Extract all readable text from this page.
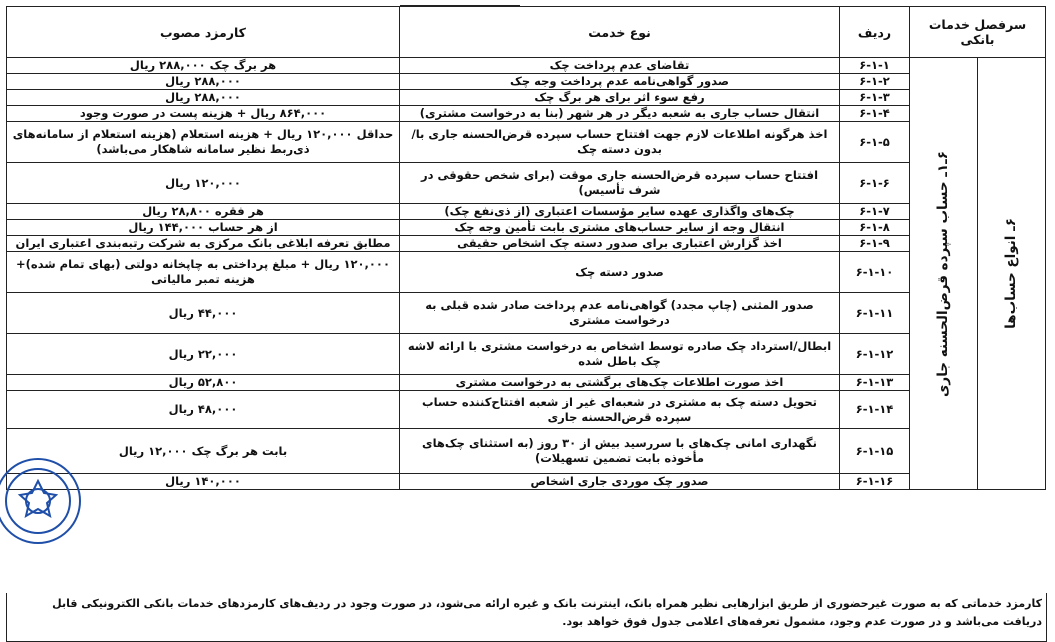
سرفصل خدمات بانکی		ردیف	نوع خدمت	کارمزد مصوب

۶ـ انواع حساب‌ها	۶ـ۱ـ حساب سپرده قرض‌الحسنه جاری	۶-۱-۱	تقاضای عدم پرداخت چک	هر برگ چک ۲۸۸,۰۰۰ ریال
		۶-۱-۲	صدور گواهی‌نامه عدم پرداخت وجه چک	۲۸۸,۰۰۰ ریال
		۶-۱-۳	رفع سوء اثر برای هر برگ چک	۲۸۸,۰۰۰ ریال
		۶-۱-۴	انتقال حساب جاری به شعبه دیگر در هر شهر (بنا به درخواست مشتری)	۸۶۴,۰۰۰ ریال + هزینه پست در صورت وجود
		۶-۱-۵	اخذ هرگونه اطلاعات لازم جهت افتتاح حساب سپرده قرض‌الحسنه جاری با/بدون دسته چک	حداقل ۱۲۰,۰۰۰ ریال + هزینه استعلام (هزینه استعلام از سامانه‌های ذی‌ربط نظیر سامانه شاهکار می‌باشد)
		۶-۱-۶	افتتاح حساب سپرده قرض‌الحسنه جاری موقت (برای شخص حقوقی در شرف تأسیس)	۱۲۰,۰۰۰ ریال
		۶-۱-۷	چک‌های واگذاری عهده سایر مؤسسات اعتباری (از ذی‌نفع چک)	هر فقره ۲۸,۸۰۰ ریال
		۶-۱-۸	انتقال وجه از سایر حساب‌های مشتری بابت تأمین وجه چک	از هر حساب ۱۴۴,۰۰۰ ریال
		۶-۱-۹	اخذ گزارش اعتباری برای صدور دسته چک اشخاص حقیقی	مطابق تعرفه ابلاغی بانک مرکزی به شرکت رتبه‌بندی اعتباری ایران
		۶-۱-۱۰	صدور دسته چک	۱۲۰,۰۰۰ ریال + مبلغ پرداختی به چاپخانه دولتی (بهای تمام شده)+ هزینه تمبر مالیاتی
		۶-۱-۱۱	صدور المثنی (چاپ مجدد) گواهی‌نامه عدم پرداخت صادر شده قبلی به درخواست مشتری	۴۴,۰۰۰ ریال
		۶-۱-۱۲	ابطال/استرداد چک صادره توسط اشخاص به درخواست مشتری با ارائه لاشه چک باطل شده	۲۲,۰۰۰ ریال
		۶-۱-۱۳	اخذ صورت اطلاعات چک‌های برگشتی به درخواست مشتری	۵۲,۸۰۰ ریال
		۶-۱-۱۴	تحویل دسته چک به مشتری در شعبه‌ای غیر از شعبه افتتاح‌کننده حساب سپرده قرض‌الحسنه جاری	۴۸,۰۰۰ ریال
		۶-۱-۱۵	نگهداری امانی چک‌های با سررسید بیش از ۳۰ روز (به استثنای چک‌های مأخوذه بابت تضمین تسهیلات)	بابت هر برگ چک ۱۲,۰۰۰ ریال
		۶-۱-۱۶	صدور چک موردی جاری اشخاص	۱۴۰,۰۰۰ ریال
کارمزد خدماتی که به صورت غیرحضوری از طریق ابزارهایی نظیر همراه بانک، اینترنت بانک و غیره ارائه می‌شود، در صورت وجود در ردیف‌های کارمزدهای خدمات بانکی الکترونیکی قابل دریافت می‌باشد و در صورت عدم وجود، مشمول تعرفه‌های اعلامی جدول فوق خواهد بود.
